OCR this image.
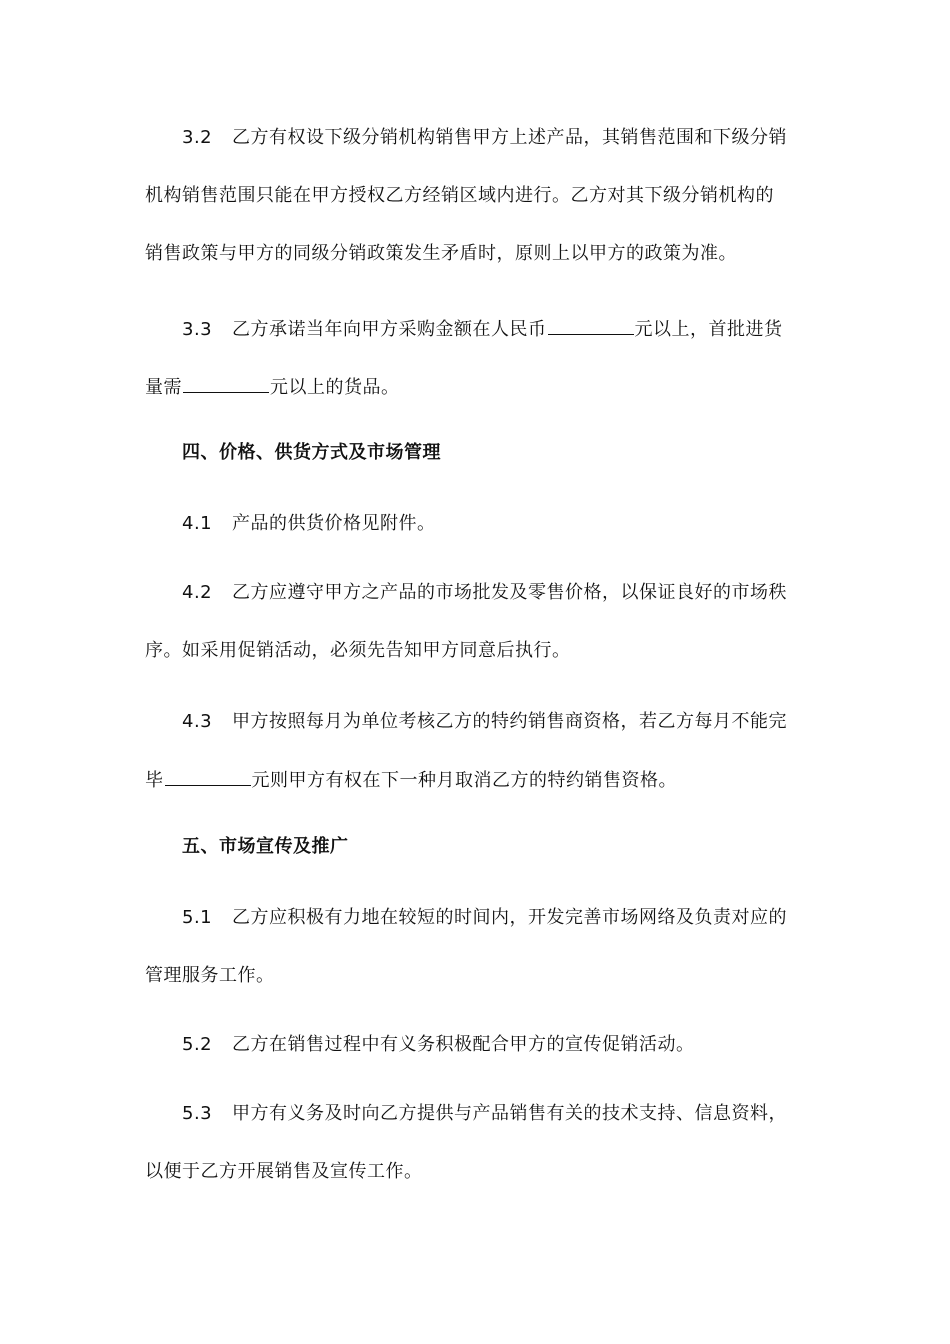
3.2 乙方有权设下级分销机构销售甲方上述产品，其销售范围和下级分销
机构销售范围只能在甲方授权乙方经销区域内进行。乙方对其下级分销机构的
销售政策与甲方的同级分销政策发生矛盾时，原则上以甲方的政策为准。
3.3 乙方承诺当年向甲方采购金额在人民币	元以上，首批进货
量需	元以上的货品。
四、价格、供货方式及市场管理
4.1 产品的供货价格见附件。
4.2 乙方应遵守甲方之产品的市场批发及零售价格，以保证良好的市场秩
序。如采用促销活动，必须先告知甲方同意后执行。
4.3 甲方按照每月为单位考核乙方的特约销售商资格，若乙方每月不能完
毕	元则甲方有权在下一种月取消乙方的特约销售资格。
五、市场宣传及推广
5.1 乙方应积极有力地在较短的时间内，开发完善市场网络及负责对应的
管理服务工作。
5.2 乙方在销售过程中有义务积极配合甲方的宣传促销活动。
5.3 甲方有义务及时向乙方提供与产品销售有关的技术支持、信息资料，
以便于乙方开展销售及宣传工作。
